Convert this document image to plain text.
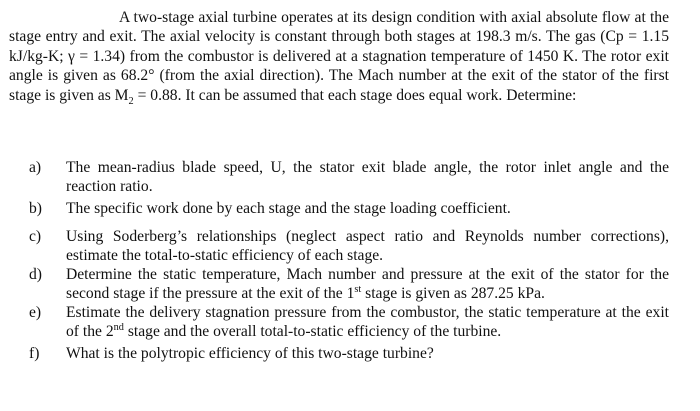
A two-stage axial turbine operates at its design condition with axial absolute flow at the stage entry and exit. The axial velocity is constant through both stages at 198.3 m/s. The gas (Cp = 1.15 kJ/kg-K; γ = 1.34) from the combustor is delivered at a stagnation temperature of 1450 K. The rotor exit angle is given as 68.2° (from the axial direction). The Mach number at the exit of the stator of the first stage is given as $M_2 = 0.88$. It can be assumed that each stage does equal work. Determine:

a) The mean-radius blade speed, U, the stator exit blade angle, the rotor inlet angle and the reaction ratio.
b) The specific work done by each stage and the stage loading coefficient.
c) Using Soderberg’s relationships (neglect aspect ratio and Reynolds number corrections), estimate the total-to-static efficiency of each stage.
d) Determine the static temperature, Mach number and pressure at the exit of the stator for the second stage if the pressure at the exit of the 1st stage is given as 287.25 kPa.
e) Estimate the delivery stagnation pressure from the combustor, the static temperature at the exit of the 2nd stage and the overall total-to-static efficiency of the turbine.
f) What is the polytropic efficiency of this two-stage turbine?
